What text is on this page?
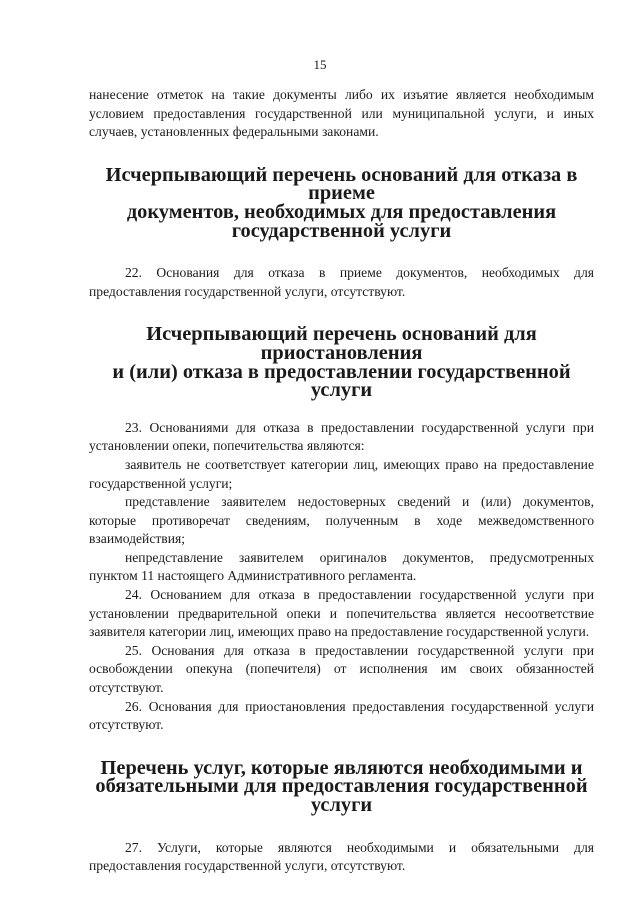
15

нанесение отметок на такие документы либо их изъятие является необходимым условием предоставления государственной или муниципальной услуги, и иных случаев, установленных федеральными законами.

Исчерпывающий перечень оснований для отказа в приеме
документов, необходимых для предоставления
государственной услуги

22. Основания для отказа в приеме документов, необходимых для предоставления государственной услуги, отсутствуют.

Исчерпывающий перечень оснований для приостановления
и (или) отказа в предоставлении государственной услуги

23. Основаниями для отказа в предоставлении государственной услуги при установлении опеки, попечительства являются:

заявитель не соответствует категории лиц, имеющих право на предоставление государственной услуги;

представление заявителем недостоверных сведений и (или) документов, которые противоречат сведениям, полученным в ходе межведомственного взаимодействия;

непредставление заявителем оригиналов документов, предусмотренных пунктом 11 настоящего Административного регламента.

24. Основанием для отказа в предоставлении государственной услуги при установлении предварительной опеки и попечительства является несоответствие заявителя категории лиц, имеющих право на предоставление государственной услуги.

25. Основания для отказа в предоставлении государственной услуги при освобождении опекуна (попечителя) от исполнения им своих обязанностей отсутствуют.

26. Основания для приостановления предоставления государственной услуги отсутствуют.

Перечень услуг, которые являются необходимыми и
обязательными для предоставления государственной услуги

27. Услуги, которые являются необходимыми и обязательными для предоставления государственной услуги, отсутствуют.
